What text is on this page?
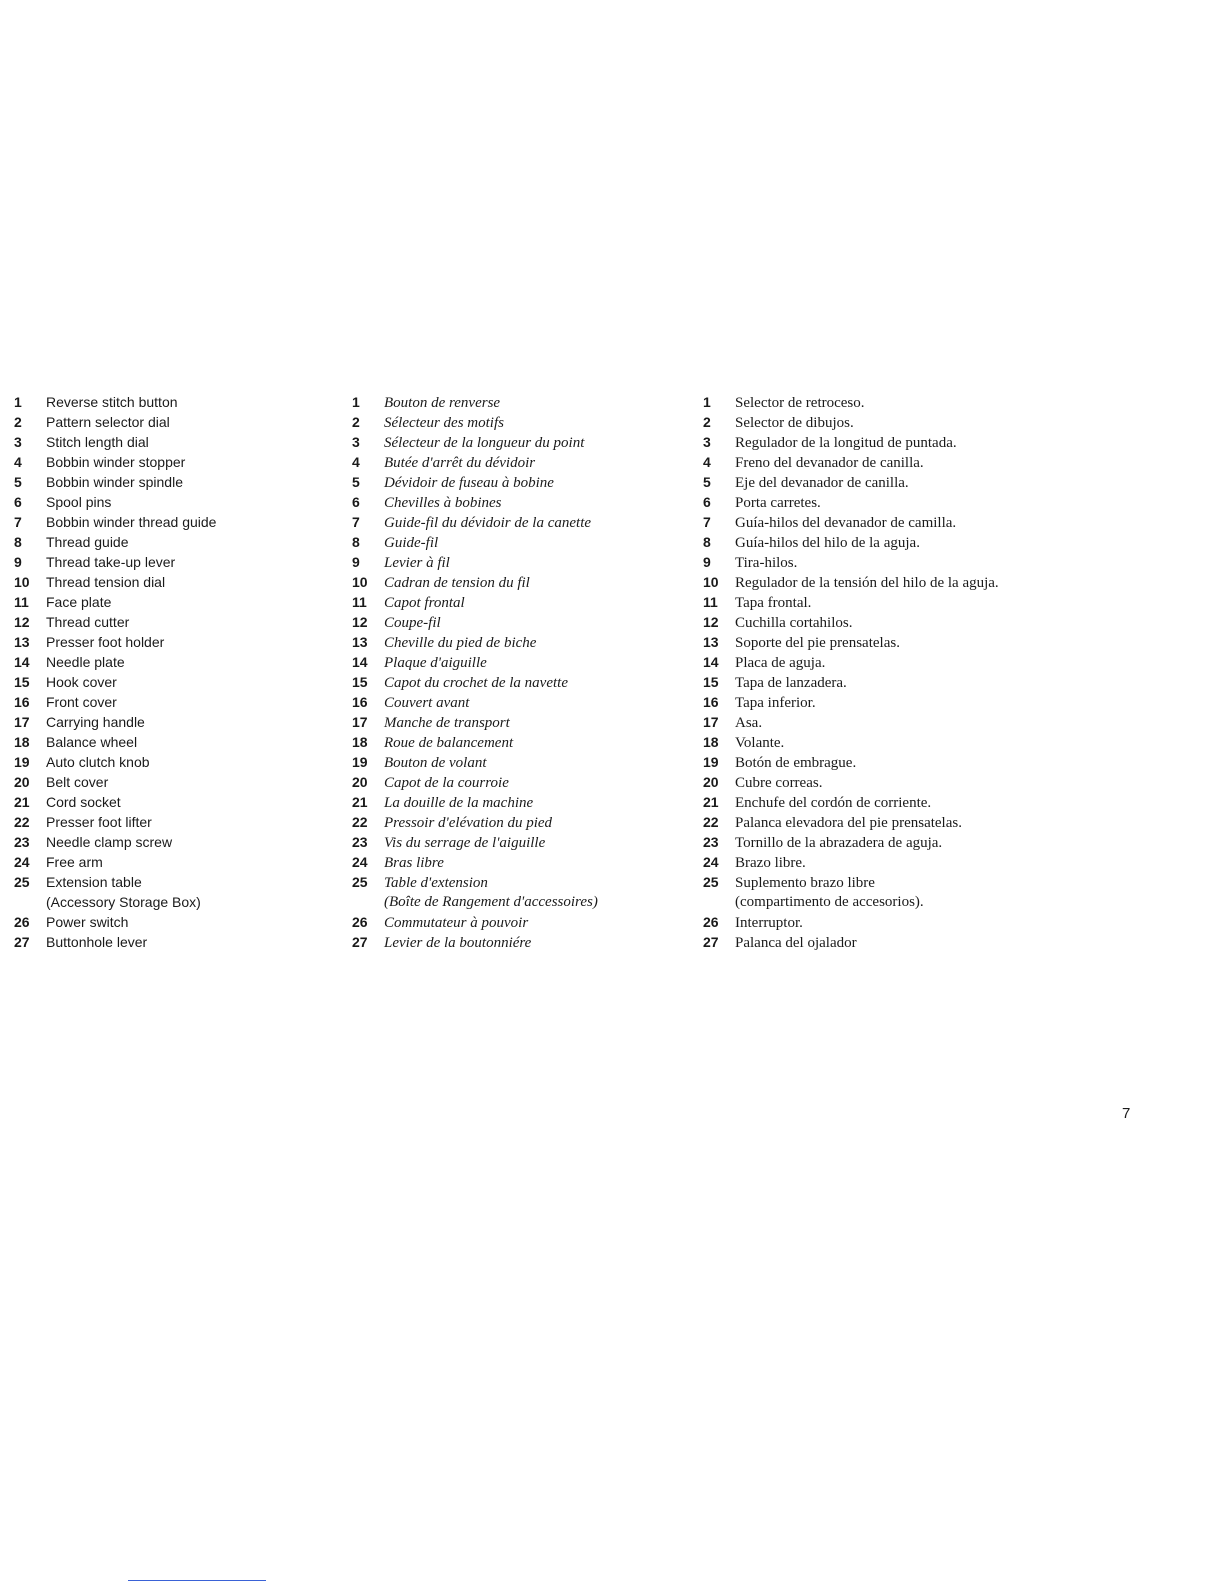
1	Reverse stitch button
2	Pattern selector dial
3	Stitch length dial
4	Bobbin winder stopper
5	Bobbin winder spindle
6	Spool pins
7	Bobbin winder thread guide
8	Thread guide
9	Thread take-up lever
10	Thread tension dial
11	Face plate
12	Thread cutter
13	Presser foot holder
14	Needle plate
15	Hook cover
16	Front cover
17	Carrying handle
18	Balance wheel
19	Auto clutch knob
20	Belt cover
21	Cord socket
22	Presser foot lifter
23	Needle clamp screw
24	Free arm
25	Extension table
(Accessory Storage Box)
26	Power switch
27	Buttonhole lever
1	Bouton de renverse
2	Sélecteur des motifs
3	Sélecteur de la longueur du point
4	Butée d'arrêt du dévidoir
5	Dévidoir de fuseau à bobine
6	Chevilles à bobines
7	Guide-fil du dévidoir de la canette
8	Guide-fil
9	Levier à fil
10	Cadran de tension du fil
11	Capot frontal
12	Coupe-fil
13	Cheville du pied de biche
14	Plaque d'aiguille
15	Capot du crochet de la navette
16	Couvert avant
17	Manche de transport
18	Roue de balancement
19	Bouton de volant
20	Capot de la courroie
21	La douille de la machine
22	Pressoir d'elévation du pied
23	Vis du serrage de l'aiguille
24	Bras libre
25	Table d'extension
(Boîte de Rangement d'accessoires)
26	Commutateur à pouvoir
27	Levier de la boutonniére
1	Selector de retroceso.
2	Selector de dibujos.
3	Regulador de la longitud de puntada.
4	Freno del devanador de canilla.
5	Eje del devanador de canilla.
6	Porta carretes.
7	Guía-hilos del devanador de camilla.
8	Guía-hilos del hilo de la aguja.
9	Tira-hilos.
10	Regulador de la tensión del hilo de la aguja.
11	Tapa frontal.
12	Cuchilla cortahilos.
13	Soporte del pie prensatelas.
14	Placa de aguja.
15	Tapa de lanzadera.
16	Tapa inferior.
17	Asa.
18	Volante.
19	Botón de embrague.
20	Cubre correas.
21	Enchufe del cordón de corriente.
22	Palanca elevadora del pie prensatelas.
23	Tornillo de la abrazadera de aguja.
24	Brazo libre.
25	Suplemento brazo libre
(compartimento de accesorios).
26	Interruptor.
27	Palanca del ojalador
7
